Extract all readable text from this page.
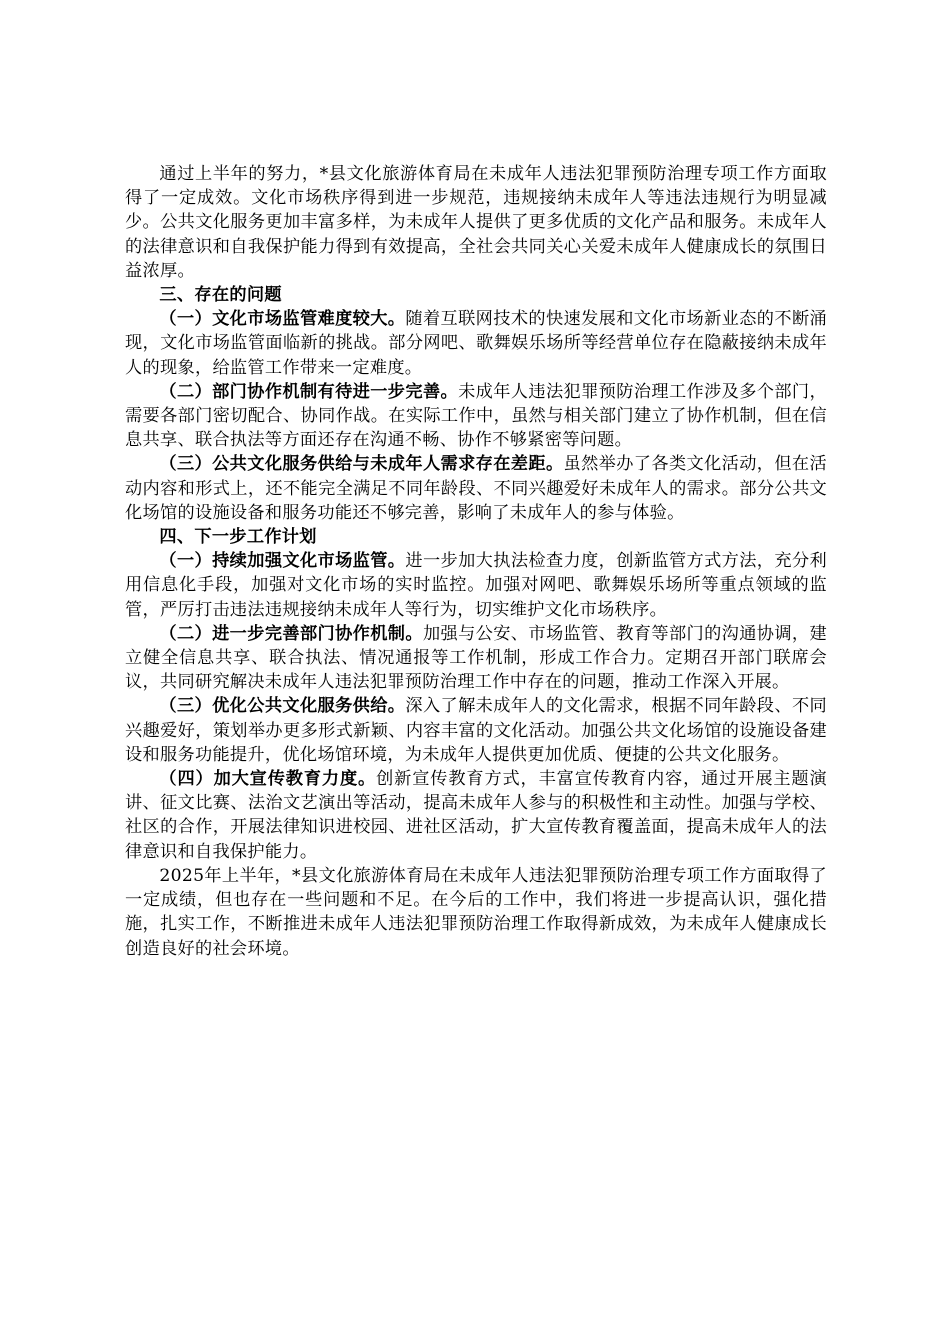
通过上半年的努力，*县文化旅游体育局在未成年人违法犯罪预防治理专项工作方面取得了一定成效。文化市场秩序得到进一步规范，违规接纳未成年人等违法违规行为明显减少。公共文化服务更加丰富多样，为未成年人提供了更多优质的文化产品和服务。未成年人的法律意识和自我保护能力得到有效提高，全社会共同关心关爱未成年人健康成长的氛围日益浓厚。

三、存在的问题

（一）文化市场监管难度较大。随着互联网技术的快速发展和文化市场新业态的不断涌现，文化市场监管面临新的挑战。部分网吧、歌舞娱乐场所等经营单位存在隐蔽接纳未成年人的现象，给监管工作带来一定难度。

（二）部门协作机制有待进一步完善。未成年人违法犯罪预防治理工作涉及多个部门，需要各部门密切配合、协同作战。在实际工作中，虽然与相关部门建立了协作机制，但在信息共享、联合执法等方面还存在沟通不畅、协作不够紧密等问题。

（三）公共文化服务供给与未成年人需求存在差距。虽然举办了各类文化活动，但在活动内容和形式上，还不能完全满足不同年龄段、不同兴趣爱好未成年人的需求。部分公共文化场馆的设施设备和服务功能还不够完善，影响了未成年人的参与体验。

四、下一步工作计划

（一）持续加强文化市场监管。进一步加大执法检查力度，创新监管方式方法，充分利用信息化手段，加强对文化市场的实时监控。加强对网吧、歌舞娱乐场所等重点领域的监管，严厉打击违法违规接纳未成年人等行为，切实维护文化市场秩序。

（二）进一步完善部门协作机制。加强与公安、市场监管、教育等部门的沟通协调，建立健全信息共享、联合执法、情况通报等工作机制，形成工作合力。定期召开部门联席会议，共同研究解决未成年人违法犯罪预防治理工作中存在的问题，推动工作深入开展。

（三）优化公共文化服务供给。深入了解未成年人的文化需求，根据不同年龄段、不同兴趣爱好，策划举办更多形式新颖、内容丰富的文化活动。加强公共文化场馆的设施设备建设和服务功能提升，优化场馆环境，为未成年人提供更加优质、便捷的公共文化服务。

（四）加大宣传教育力度。创新宣传教育方式，丰富宣传教育内容，通过开展主题演讲、征文比赛、法治文艺演出等活动，提高未成年人参与的积极性和主动性。加强与学校、社区的合作，开展法律知识进校园、进社区活动，扩大宣传教育覆盖面，提高未成年人的法律意识和自我保护能力。

2025年上半年，*县文化旅游体育局在未成年人违法犯罪预防治理专项工作方面取得了一定成绩，但也存在一些问题和不足。在今后的工作中，我们将进一步提高认识，强化措施，扎实工作，不断推进未成年人违法犯罪预防治理工作取得新成效，为未成年人健康成长创造良好的社会环境。
